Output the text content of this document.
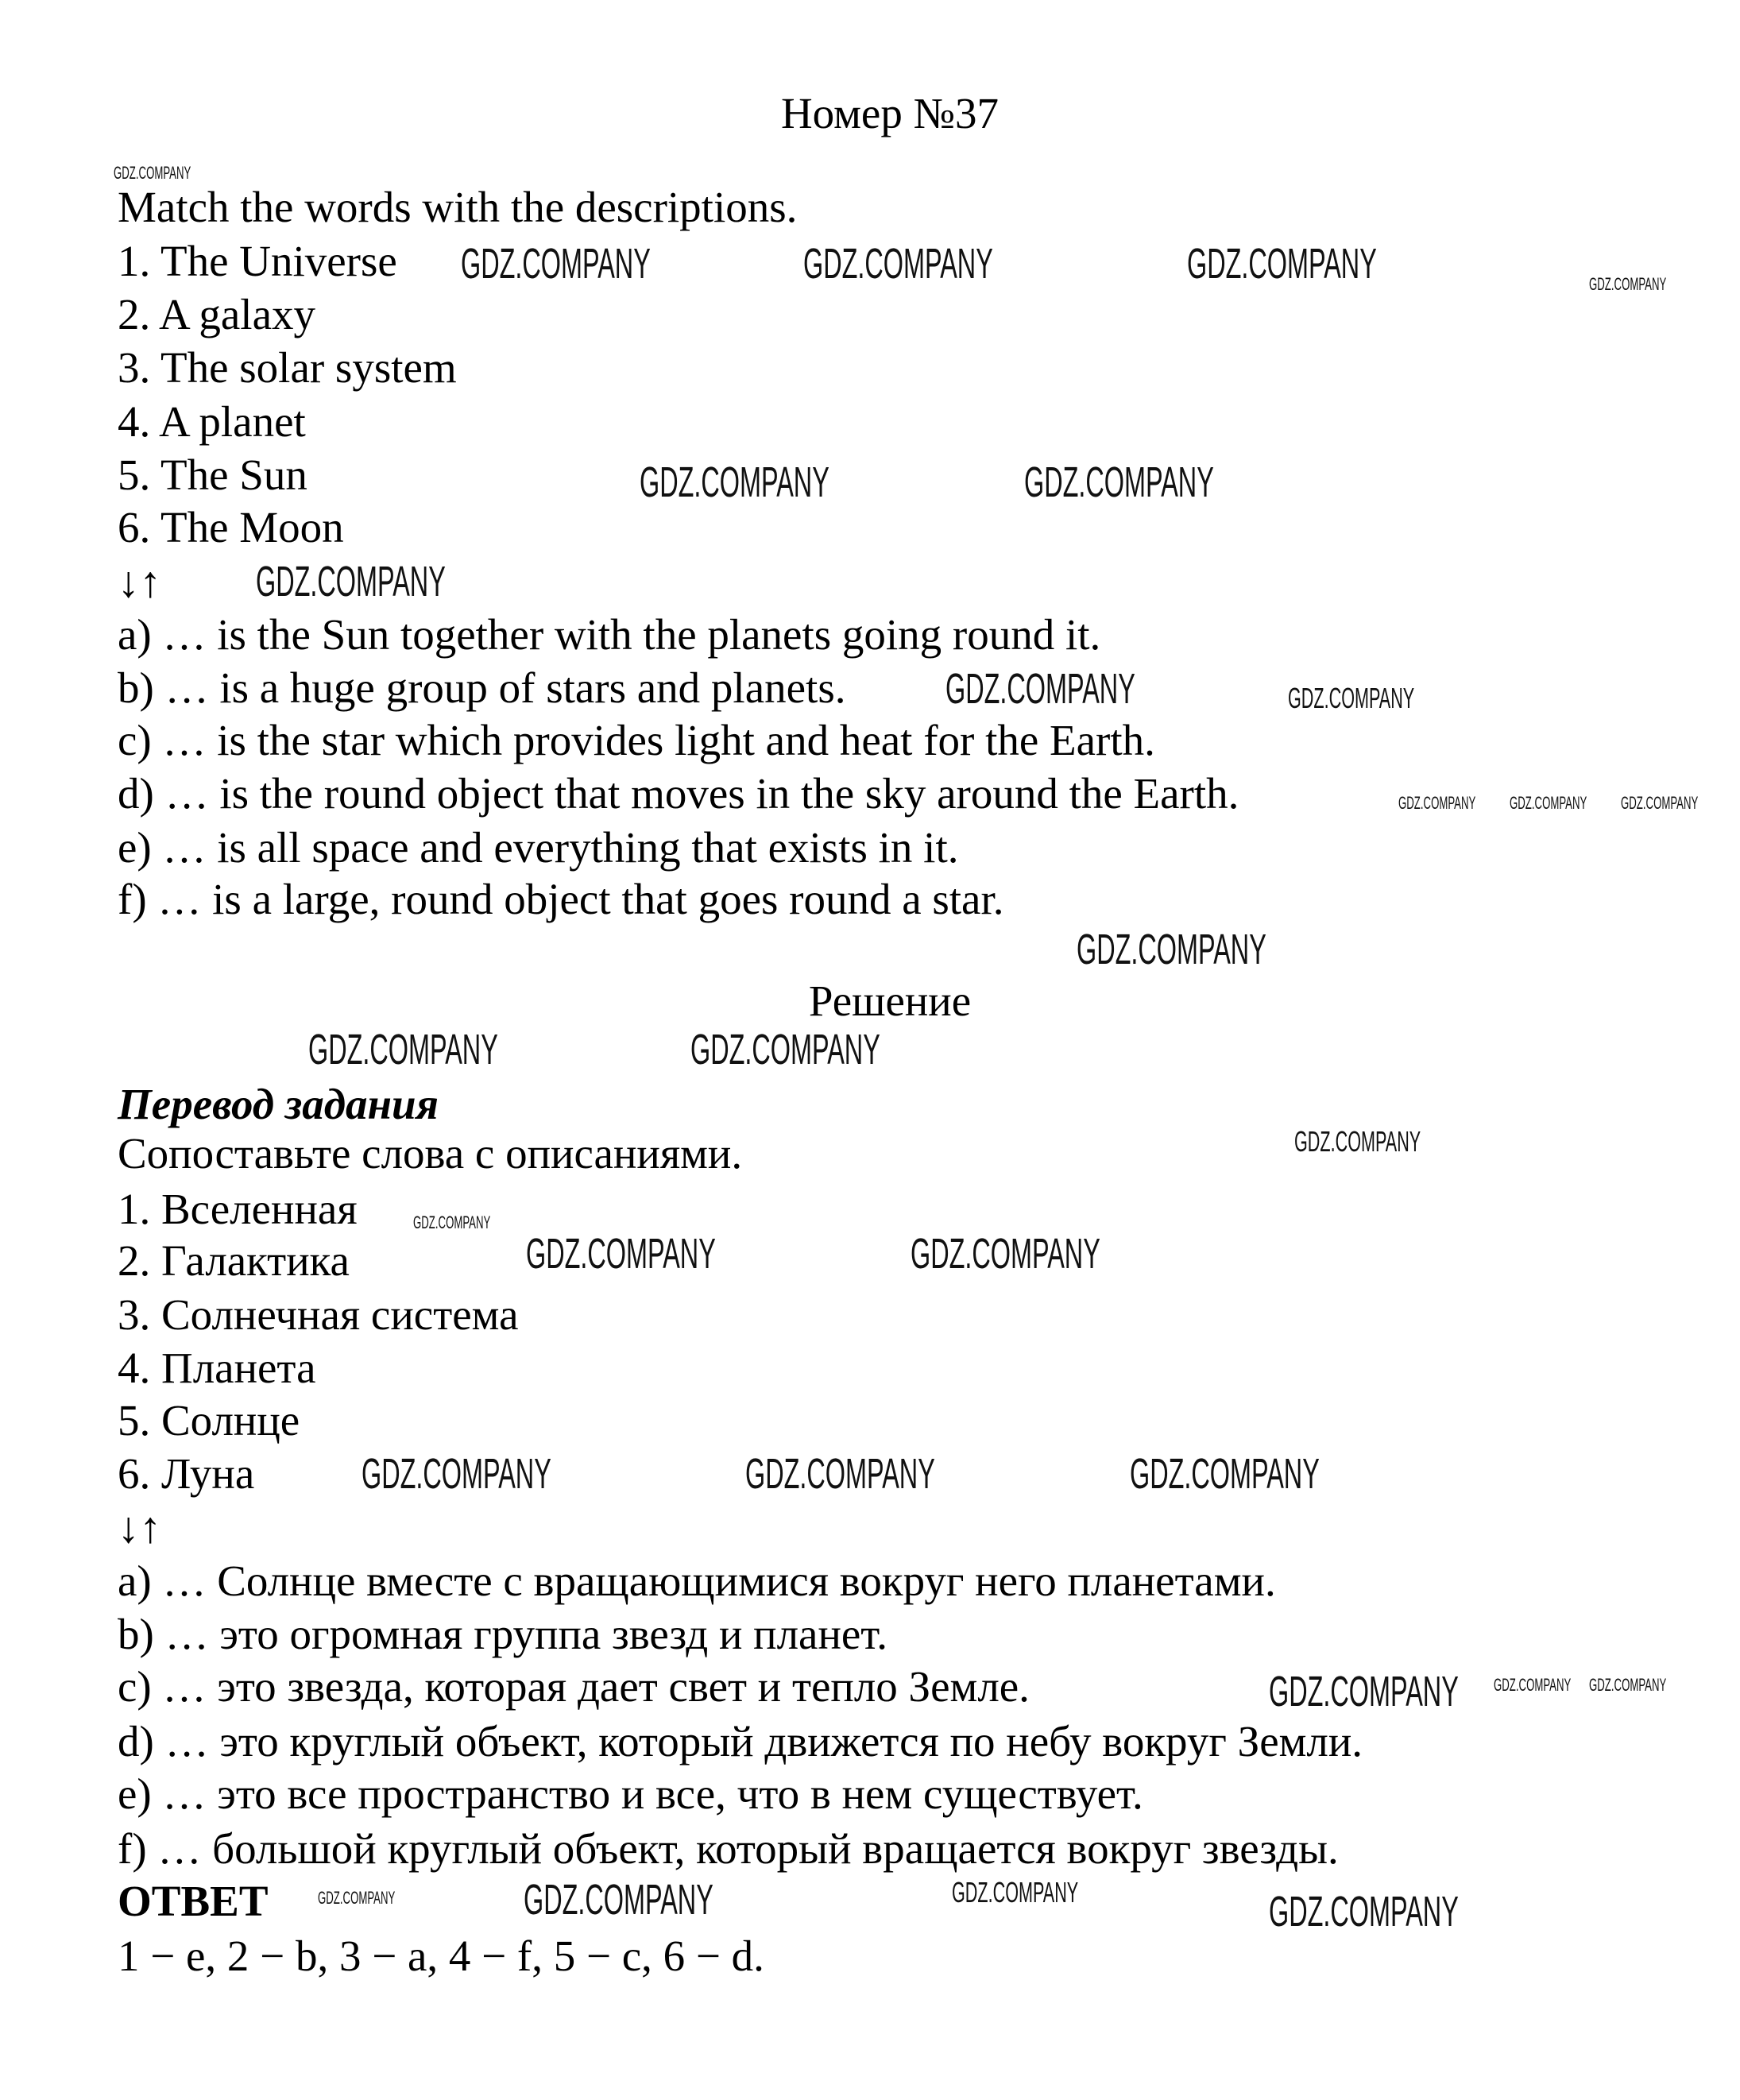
Номер №37
Match the words with the descriptions.
1. The Universe
2. A galaxy
3. The solar system
4. A planet
5. The Sun
6. The Moon
↓↑
a) … is the Sun together with the planets going round it.
b) … is a huge group of stars and planets.
c) … is the star which provides light and heat for the Earth.
d) … is the round object that moves in the sky around the Earth.
e) … is all space and everything that exists in it.
f) … is a large, round object that goes round a star.
Решение
Перевод задания
Сопоставьте слова с описаниями.
1. Вселенная
2. Галактика
3. Солнечная система
4. Планета
5. Солнце
6. Луна
↓↑
a) … Солнце вместе с вращающимися вокруг него планетами.
b) … это огромная группа звезд и планет.
c) … это звезда, которая дает свет и тепло Земле.
d) … это круглый объект, который движется по небу вокруг Земли.
e) … это все пространство и все, что в нем существует.
f) … большой круглый объект, который вращается вокруг звезды.
ОТВЕТ
1 − e, 2 − b, 3 − a, 4 − f, 5 − c, 6 − d.
GDZ.COMPANY	GDZ.COMPANY	GDZ.COMPANY
GDZ.COMPANY	GDZ.COMPANY
GDZ.COMPANY
GDZ.COMPANY
GDZ.COMPANY
GDZ.COMPANY	GDZ.COMPANY
GDZ.COMPANY	GDZ.COMPANY
GDZ.COMPANY	GDZ.COMPANY	GDZ.COMPANY
GDZ.COMPANY
GDZ.COMPANY	GDZ.COMPANY
GDZ.COMPANY
GDZ.COMPANY
GDZ.COMPANY
GDZ.COMPANY
GDZ.COMPANY
GDZ.COMPANY GDZ.COMPANY GDZ.COMPANY
GDZ.COMPANY GDZ.COMPANY
GDZ.COMPANY
GDZ.COMPANY
